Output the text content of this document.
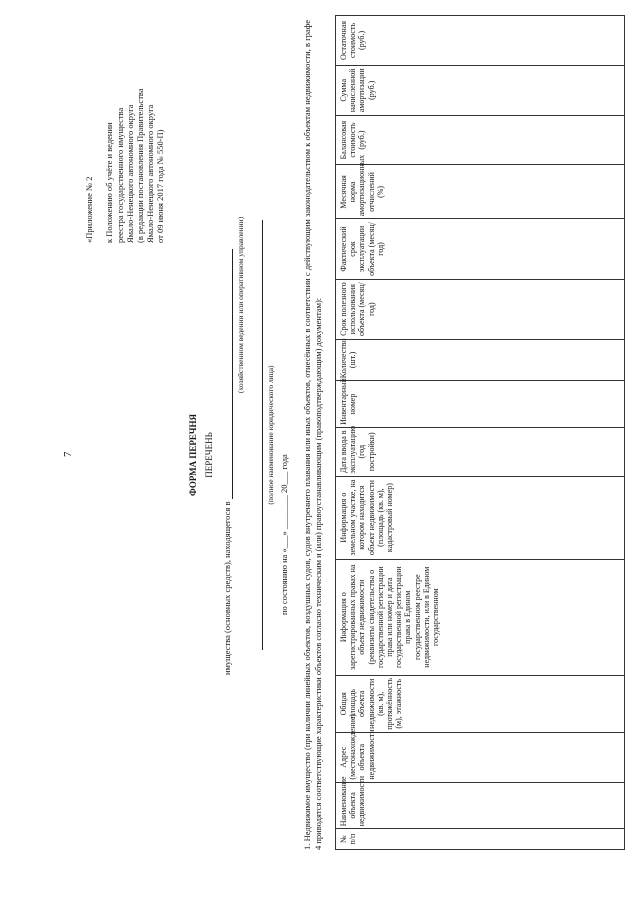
7
«Приложение № 2
к Положению об учёте и ведении реестра государственного имущества Ямало-Ненецкого автономного округа (в редакции постановления Правительства Ямало-Ненецкого автономного округа от 09 июня 2017 года № 550-П)
ФОРМА ПЕРЕЧНЯ ПЕРЕЧЕНЬ
имущества (основных средств), находящегося в
(хозяйственном ведении или оперативном управлении)

(полное наименование юридического лица)
по состоянию на «___» ________ 20___ года 1. Недвижимое имущество (при наличии линейных объектов, воздушных судов, судов внутреннего плавания или иных объектов, отнесённых в соответствии с действующим законодательством к объектам недвижимости, в графе 4 приводятся соответствующие характеристики объектов согласно техническим и (или) правоустанавливающим (правоподтверждающим) документам): № п/п	Наименование объекта недвижимости	Адрес (местонахождение) объекта недвижимости	Общая площадь объекта недвижимости (кв. м), протяжённость (м), этажность	Информация о зарегистрированных правах на объект недвижимости (реквизиты свидетельства о государственной регистрации права или номер и дата государственной регистрации права в Едином государственном реестре недвижимости, или в Едином государственном	Информация о земельном участке, на котором находится объект недвижимости (площадь (кв. м), кадастровый номер)	Дата ввода в эксплуатацию (год постройки)	Инвентарный номер	Количество (шт.)	Срок полезного использования объекта (месяц/год)	Фактический срок эксплуатации объекта (месяц/год)	Месячная норма амортизационных отчислений (%)	Балансовая стоимость (руб.)	Сумма начисленной амортизации (руб.)	Остаточная стоимость (руб.)
